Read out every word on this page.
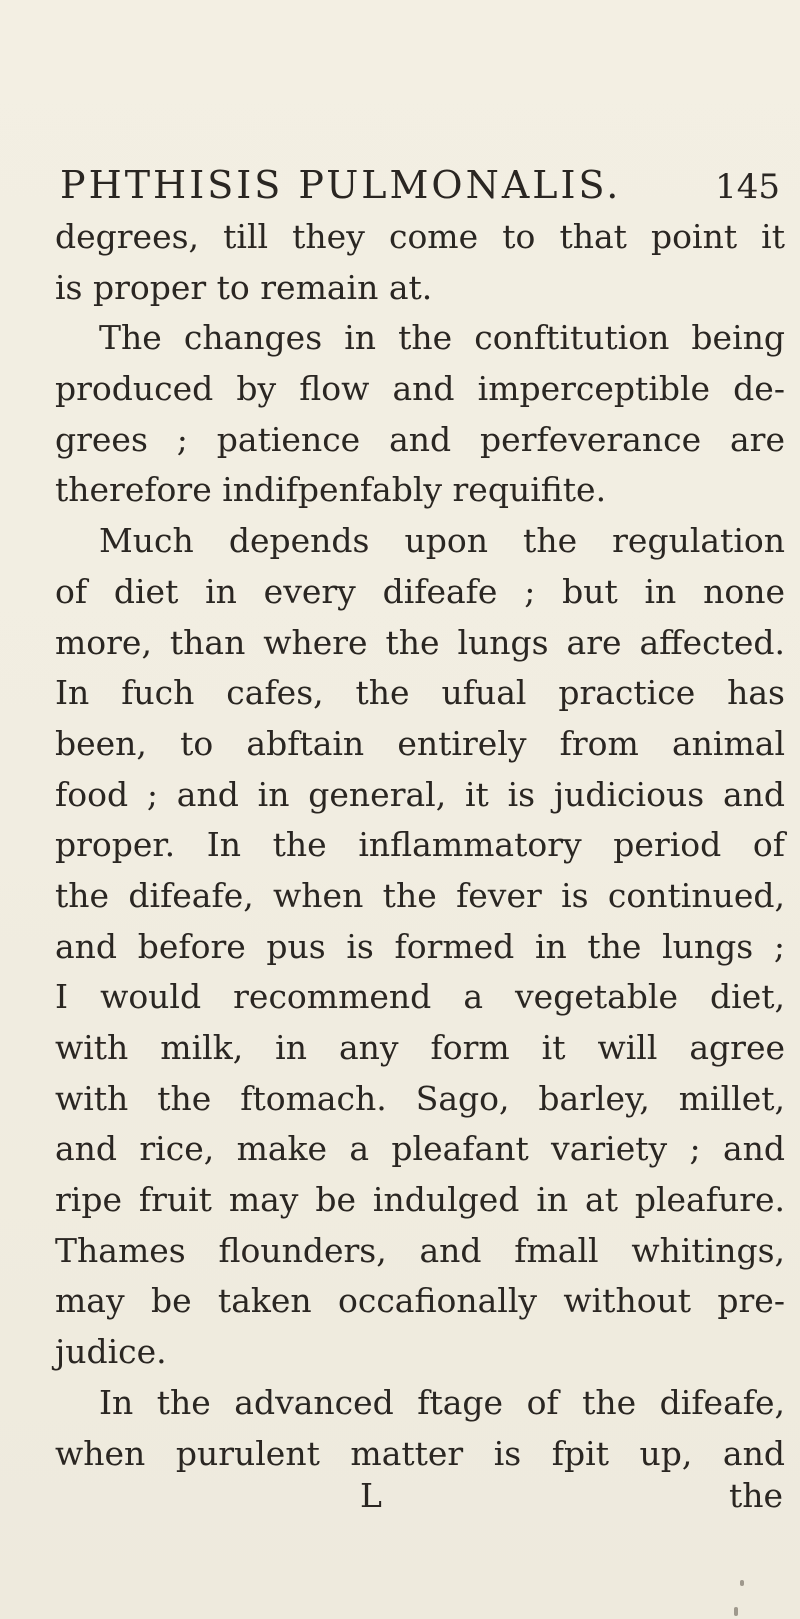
PHTHISIS PULMONALIS.	145
degrees, till they come to that point it
is proper to remain at.
The changes in the conftitution being
produced by flow and imperceptible de-
grees ; patience and perfeverance are
therefore indifpenfably requifite.
Much depends upon the regulation
of diet in every difeafe ; but in none
more, than where the lungs are affected.
In fuch cafes, the ufual practice has
been, to abftain entirely from animal
food ; and in general, it is judicious and
proper. In the inflammatory period of
the difeafe, when the fever is continued,
and before pus is formed in the lungs ;
I would recommend a vegetable diet,
with milk, in any form it will agree
with the ftomach. Sago, barley, millet,
and rice, make a pleafant variety ; and
ripe fruit may be indulged in at pleafure.
Thames flounders, and fmall whitings,
may be taken occafionally without pre-
judice.
In the advanced ftage of the difeafe,
when purulent matter is fpit up, and
L	the
